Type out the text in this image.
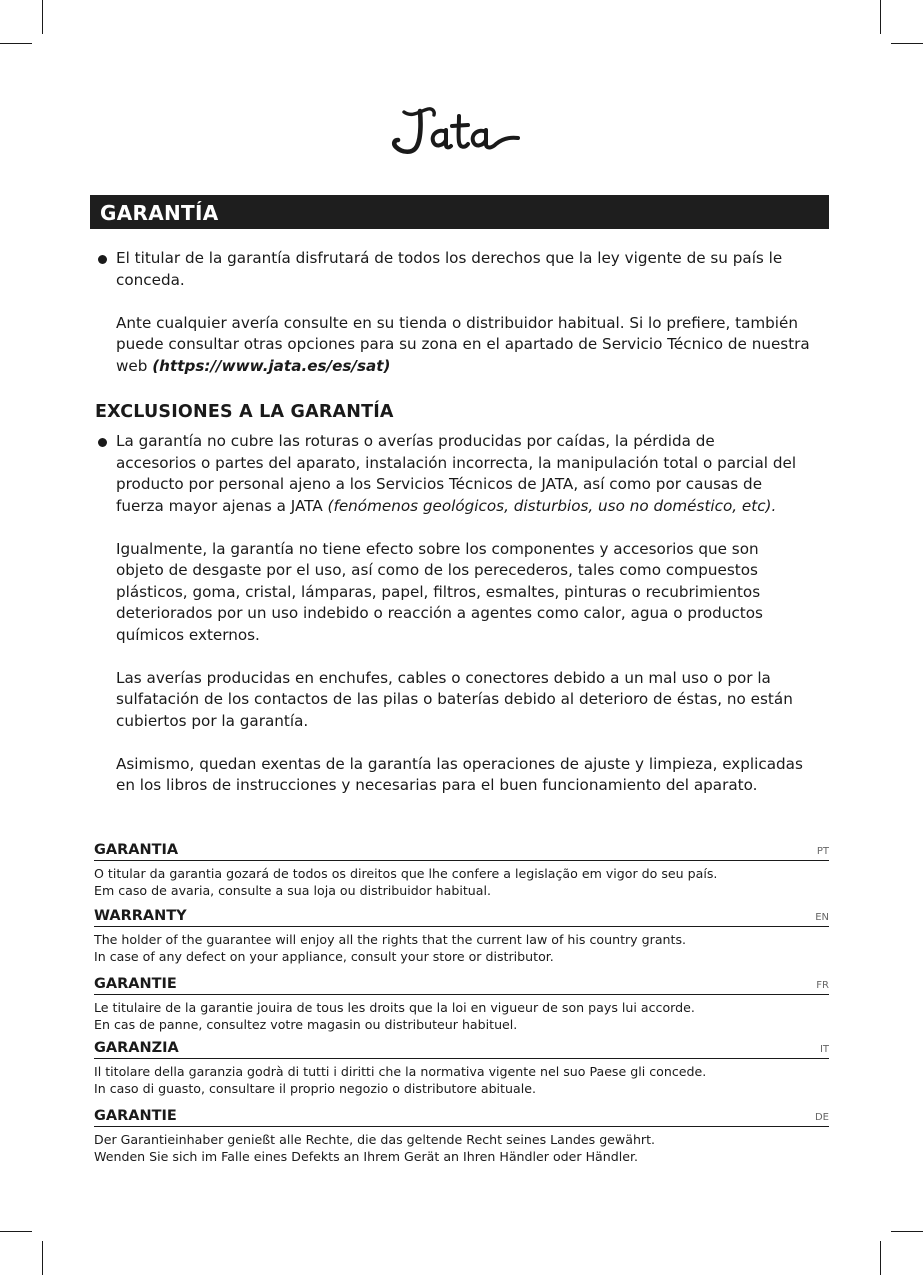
GARANTÍA

El titular de la garantía disfrutará de todos los derechos que la ley vigente de su país le

conceda.

Ante cualquier avería consulte en su tienda o distribuidor habitual. Si lo prefiere, también

puede consultar otras opciones para su zona en el apartado de Servicio Técnico de nuestra

web (https://www.jata.es/es/sat)

EXCLUSIONES A LA GARANTÍA

La garantía no cubre las roturas o averías producidas por caídas, la pérdida de

accesorios o partes del aparato, instalación incorrecta, la manipulación total o parcial del

producto por personal ajeno a los Servicios Técnicos de JATA, así como por causas de

fuerza mayor ajenas a JATA (fenómenos geológicos, disturbios, uso no doméstico, etc).

Igualmente, la garantía no tiene efecto sobre los componentes y accesorios que son

objeto de desgaste por el uso, así como de los perecederos, tales como compuestos

plásticos, goma, cristal, lámparas, papel, filtros, esmaltes, pinturas o recubrimientos

deteriorados por un uso indebido o reacción a agentes como calor, agua o productos

químicos externos.

Las averías producidas en enchufes, cables o conectores debido a un mal uso o por la

sulfatación de los contactos de las pilas o baterías debido al deterioro de éstas, no están

cubiertos por la garantía.

Asimismo, quedan exentas de la garantía las operaciones de ajuste y limpieza, explicadas

en los libros de instrucciones y necesarias para el buen funcionamiento del aparato.

GARANTIA	PT
O titular da garantia gozará de todos os direitos que lhe confere a legislação em vigor do seu país.
Em caso de avaria, consulte a sua loja ou distribuidor habitual.
WARRANTY	EN
The holder of the guarantee will enjoy all the rights that the current law of his country grants.
In case of any defect on your appliance, consult your store or distributor.
GARANTIE	FR
Le titulaire de la garantie jouira de tous les droits que la loi en vigueur de son pays lui accorde.
En cas de panne, consultez votre magasin ou distributeur habituel.
GARANZIA	IT
Il titolare della garanzia godrà di tutti i diritti che la normativa vigente nel suo Paese gli concede.
In caso di guasto, consultare il proprio negozio o distributore abituale.
GARANTIE	DE
Der Garantieinhaber genießt alle Rechte, die das geltende Recht seines Landes gewährt.
Wenden Sie sich im Falle eines Defekts an Ihrem Gerät an Ihren Händler oder Händler.
